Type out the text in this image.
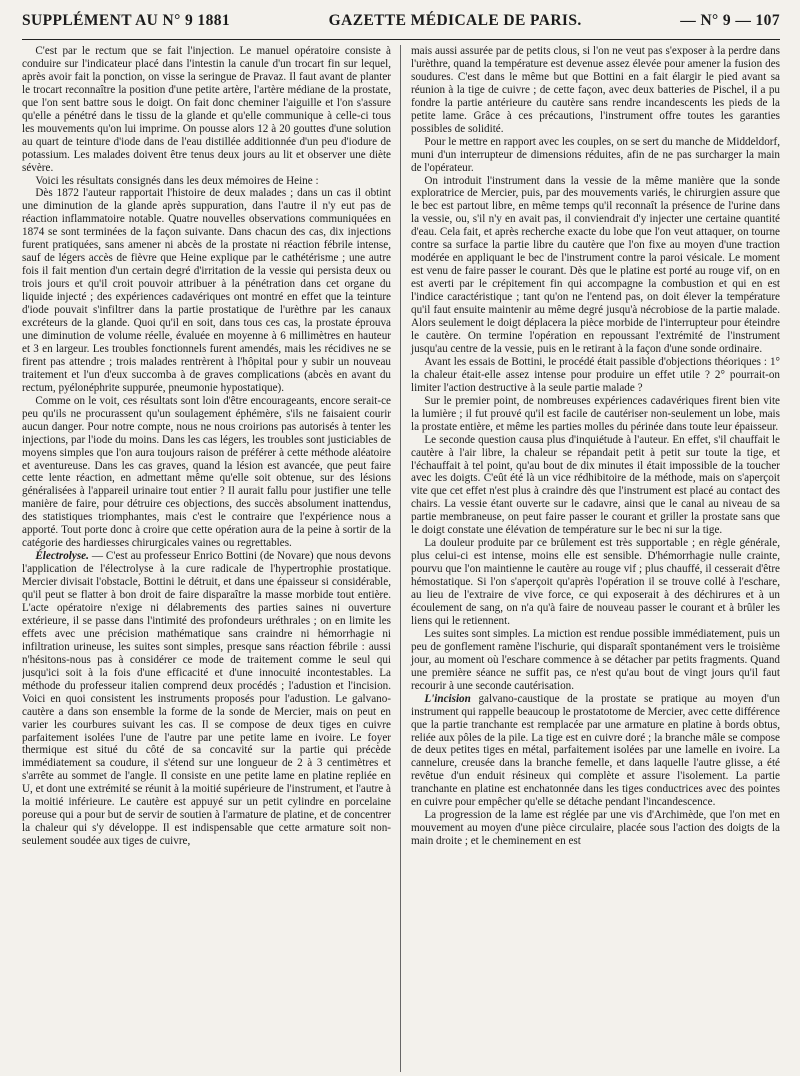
SUPPLÉMENT AU N° 9 1881	GAZETTE MÉDICALE DE PARIS.	— N° 9 — 107

C'est par le rectum que se fait l'injection. Le manuel opératoire consiste à conduire sur l'indicateur placé dans l'intestin la canule d'un trocart fin sur lequel, après avoir fait la ponction, on visse la seringue de Pravaz. Il faut avant de planter le trocart reconnaître la position d'une petite artère, l'artère médiane de la prostate, que l'on sent battre sous le doigt. On fait donc cheminer l'aiguille et l'on s'assure qu'elle a pénétré dans le tissu de la glande et qu'elle communique à celle-ci tous les mouvements qu'on lui imprime. On pousse alors 12 à 20 gouttes d'une solution au quart de teinture d'iode dans de l'eau distillée additionnée d'un peu d'iodure de potassium. Les malades doivent être tenus deux jours au lit et observer une diète sévère.

Voici les résultats consignés dans les deux mémoires de Heine :

Dès 1872 l'auteur rapportait l'histoire de deux malades ; dans un cas il obtint une diminution de la glande après suppuration, dans l'autre il n'y eut pas de réaction inflammatoire notable. Quatre nouvelles observations communiquées en 1874 se sont terminées de la façon suivante. Dans chacun des cas, dix injections furent pratiquées, sans amener ni abcès de la prostate ni réaction fébrile intense, sauf de légers accès de fièvre que Heine explique par le cathétérisme ; une autre fois il fait mention d'un certain degré d'irritation de la vessie qui persista deux ou trois jours et qu'il croit pouvoir attribuer à la pénétration dans cet organe du liquide injecté ; des expériences cadavériques ont montré en effet que la teinture d'iode pouvait s'infiltrer dans la partie prostatique de l'urèthre par les canaux excréteurs de la glande. Quoi qu'il en soit, dans tous ces cas, la prostate éprouva une diminution de volume réelle, évaluée en moyenne à 6 millimètres en hauteur et 3 en largeur. Les troubles fonctionnels furent amendés, mais les récidives ne se firent pas attendre ; trois malades rentrèrent à l'hôpital pour y subir un nouveau traitement et l'un d'eux succomba à de graves complications (abcès en avant du rectum, pyélonéphrite suppurée, pneumonie hypostatique).

Comme on le voit, ces résultats sont loin d'être encourageants, encore serait-ce peu qu'ils ne procurassent qu'un soulagement éphémère, s'ils ne faisaient courir aucun danger. Pour notre compte, nous ne nous croirions pas autorisés à tenter les injections, par l'iode du moins. Dans les cas légers, les troubles sont justiciables de moyens simples que l'on aura toujours raison de préférer à cette méthode aléatoire et aventureuse. Dans les cas graves, quand la lésion est avancée, que peut faire cette lente réaction, en admettant même qu'elle soit obtenue, sur des lésions généralisées à l'appareil urinaire tout entier ? Il aurait fallu pour justifier une telle manière de faire, pour détruire ces objections, des succès absolument inattendus, des statistiques triomphantes, mais c'est le contraire que l'expérience nous a apporté. Tout porte donc à croire que cette opération aura de la peine à sortir de la catégorie des hardiesses chirurgicales vaines ou regrettables.

Électrolyse. — C'est au professeur Enrico Bottini (de Novare) que nous devons l'application de l'électrolyse à la cure radicale de l'hypertrophie prostatique. Mercier divisait l'obstacle, Bottini le détruit, et dans une épaisseur si considérable, qu'il peut se flatter à bon droit de faire disparaître la masse morbide tout entière. L'acte opératoire n'exige ni délabrements des parties saines ni ouverture extérieure, il se passe dans l'intimité des profondeurs uréthrales ; on en limite les effets avec une précision mathématique sans craindre ni hémorrhagie ni infiltration urineuse, les suites sont simples, presque sans réaction fébrile : aussi n'hésitons-nous pas à considérer ce mode de traitement comme le seul qui jusqu'ici soit à la fois d'une efficacité et d'une innocuité incontestables. La méthode du professeur italien comprend deux procédés ; l'adustion et l'incision. Voici en quoi consistent les instruments proposés pour l'adustion. Le galvano-cautère a dans son ensemble la forme de la sonde de Mercier, mais on peut en varier les courbures suivant les cas. Il se compose de deux tiges en cuivre parfaitement isolées l'une de l'autre par une petite lame en ivoire. Le foyer thermique est situé du côté de sa concavité sur la partie qui précède immédiatement sa coudure, il s'étend sur une longueur de 2 à 3 centimètres et s'arrête au sommet de l'angle. Il consiste en une petite lame en platine repliée en U, et dont une extrémité se réunit à la moitié supérieure de l'instrument, et l'autre à la moitié inférieure. Le cautère est appuyé sur un petit cylindre en porcelaine poreuse qui a pour but de servir de soutien à l'armature de platine, et de concentrer la chaleur qui s'y développe. Il est indispensable que cette armature soit non-seulement soudée aux tiges de cuivre,

mais aussi assurée par de petits clous, si l'on ne veut pas s'exposer à la perdre dans l'urèthre, quand la température est devenue assez élevée pour amener la fusion des soudures. C'est dans le même but que Bottini en a fait élargir le pied avant sa réunion à la tige de cuivre ; de cette façon, avec deux batteries de Pischel, il a pu fondre la partie antérieure du cautère sans rendre incandescents les pieds de la petite lame. Grâce à ces précautions, l'instrument offre toutes les garanties possibles de solidité.

Pour le mettre en rapport avec les couples, on se sert du manche de Middeldorf, muni d'un interrupteur de dimensions réduites, afin de ne pas surcharger la main de l'opérateur.

On introduit l'instrument dans la vessie de la même manière que la sonde exploratrice de Mercier, puis, par des mouvements variés, le chirurgien assure que le bec est partout libre, en même temps qu'il reconnaît la présence de l'urine dans la vessie, ou, s'il n'y en avait pas, il conviendrait d'y injecter une certaine quantité d'eau. Cela fait, et après recherche exacte du lobe que l'on veut attaquer, on tourne contre sa surface la partie libre du cautère que l'on fixe au moyen d'une traction modérée en appliquant le bec de l'instrument contre la paroi vésicale. Le moment est venu de faire passer le courant. Dès que le platine est porté au rouge vif, on en est averti par le crépitement fin qui accompagne la combustion et qui en est l'indice caractéristique ; tant qu'on ne l'entend pas, on doit élever la température qu'il faut ensuite maintenir au même degré jusqu'à nécrobiose de la partie malade. Alors seulement le doigt déplacera la pièce morbide de l'interrupteur pour éteindre le cautère. On termine l'opération en repoussant l'extrémité de l'instrument jusqu'au centre de la vessie, puis en le retirant à la façon d'une sonde ordinaire.

Avant les essais de Bottini, le procédé était passible d'objections théoriques : 1° la chaleur était-elle assez intense pour produire un effet utile ? 2° pourrait-on limiter l'action destructive à la seule partie malade ?

Sur le premier point, de nombreuses expériences cadavériques firent bien vite la lumière ; il fut prouvé qu'il est facile de cautériser non-seulement un lobe, mais la prostate entière, et même les parties molles du périnée dans toute leur épaisseur.

Le seconde question causa plus d'inquiétude à l'auteur. En effet, s'il chauffait le cautère à l'air libre, la chaleur se répandait petit à petit sur toute la tige, et l'échauffait à tel point, qu'au bout de dix minutes il était impossible de la toucher avec les doigts. C'eût été là un vice rédhibitoire de la méthode, mais on s'aperçoit vite que cet effet n'est plus à craindre dès que l'instrument est placé au contact des chairs. La vessie étant ouverte sur le cadavre, ainsi que le canal au niveau de sa partie membraneuse, on peut faire passer le courant et griller la prostate sans que le doigt constate une élévation de température sur le bec ni sur la tige.

La douleur produite par ce brûlement est très supportable ; en règle générale, plus celui-ci est intense, moins elle est sensible. D'hémorrhagie nulle crainte, pourvu que l'on maintienne le cautère au rouge vif ; plus chauffé, il cesserait d'être hémostatique. Si l'on s'aperçoit qu'après l'opération il se trouve collé à l'eschare, au lieu de l'extraire de vive force, ce qui exposerait à des déchirures et à un écoulement de sang, on n'a qu'à faire de nouveau passer le courant et à brûler les liens qui le retiennent.

Les suites sont simples. La miction est rendue possible immédiatement, puis un peu de gonflement ramène l'ischurie, qui disparaît spontanément vers le troisième jour, au moment où l'eschare commence à se détacher par petits fragments. Quand une première séance ne suffit pas, ce n'est qu'au bout de vingt jours qu'il faut recourir à une seconde cautérisation.

L'incision galvano-caustique de la prostate se pratique au moyen d'un instrument qui rappelle beaucoup le prostatotome de Mercier, avec cette différence que la partie tranchante est remplacée par une armature en platine à bords obtus, reliée aux pôles de la pile. La tige est en cuivre doré ; la branche mâle se compose de deux petites tiges en métal, parfaitement isolées par une lamelle en ivoire. La cannelure, creusée dans la branche femelle, et dans laquelle l'autre glisse, a été revêtue d'un enduit résineux qui complète et assure l'isolement. La partie tranchante en platine est enchatonnée dans les tiges conductrices avec des pointes en cuivre pour empêcher qu'elle se détache pendant l'incandescence.

La progression de la lame est réglée par une vis d'Archimède, que l'on met en mouvement au moyen d'une pièce circulaire, placée sous l'action des doigts de la main droite ; et le cheminement en est
